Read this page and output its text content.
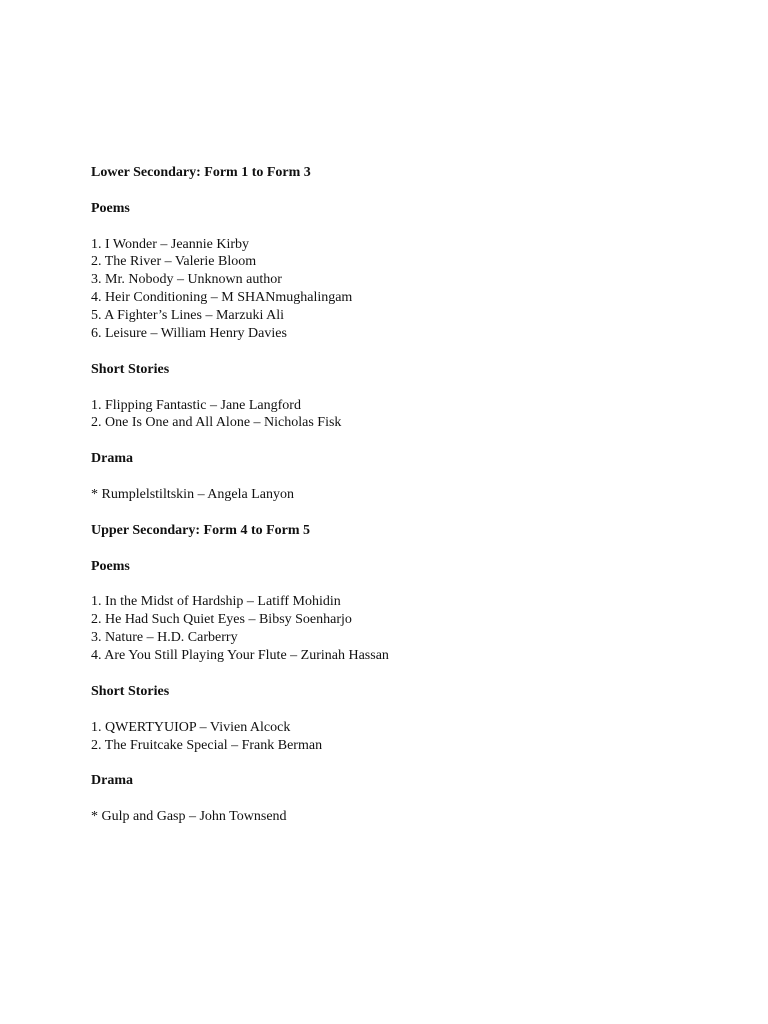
Lower Secondary: Form 1 to Form 3

Poems

1. I Wonder – Jeannie Kirby

2. The River – Valerie Bloom

3. Mr. Nobody – Unknown author

4. Heir Conditioning – M SHANmughalingam

5. A Fighter’s Lines – Marzuki Ali

6. Leisure – William Henry Davies

Short Stories

1. Flipping Fantastic – Jane Langford

2. One Is One and All Alone – Nicholas Fisk

Drama

* Rumplelstiltskin – Angela Lanyon

Upper Secondary: Form 4 to Form 5

Poems

1. In the Midst of Hardship – Latiff Mohidin

2. He Had Such Quiet Eyes – Bibsy Soenharjo

3. Nature – H.D. Carberry

4. Are You Still Playing Your Flute – Zurinah Hassan

Short Stories

1. QWERTYUIOP – Vivien Alcock

2. The Fruitcake Special – Frank Berman

Drama

* Gulp and Gasp – John Townsend
